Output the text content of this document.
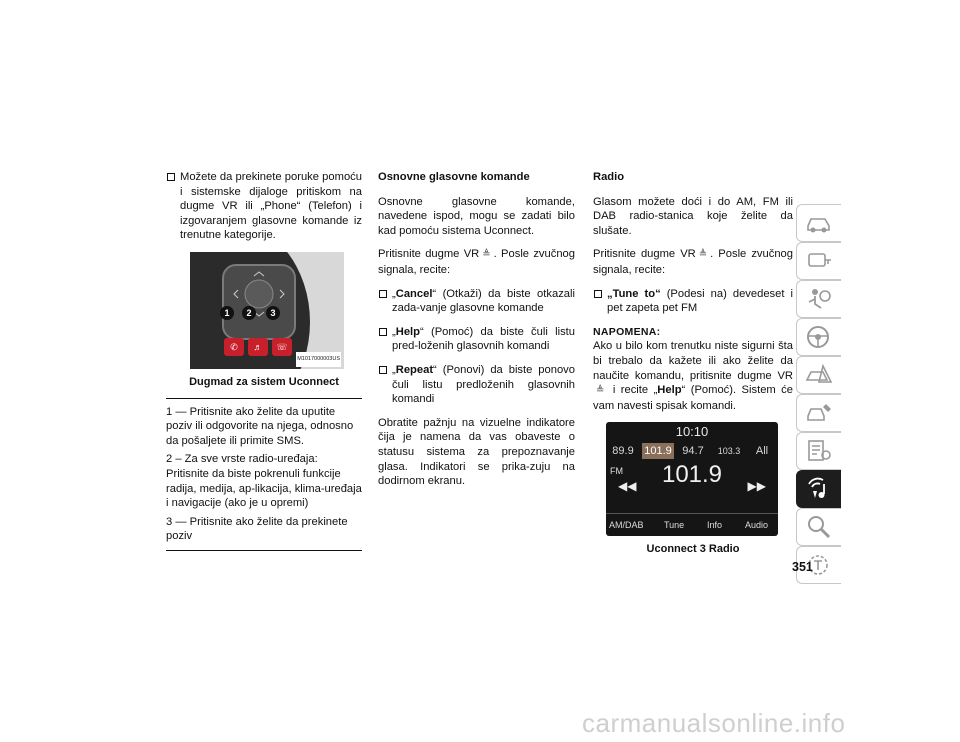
Možete da prekinete poruke pomoću i sistemske dijaloge pritiskom na dugme VR ili „Phone“ (Telefon) i izgovaranjem glasovne komande iz trenutne kategorije.
✆	♬	☏
1	2	3
M1017000003US
Dugmad za sistem Uconnect

1 — Pritisnite ako želite da uputite poziv ili odgovorite na njega, odnosno da pošaljete ili primite SMS.

2 – Za sve vrste radio-uređaja: Pritisnite da biste pokrenuli funkcije radija, medija, ap-likacija, klima-uređaja i navigacije (ako je u opremi)

3 — Pritisnite ako želite da prekinete poziv

Osnovne glasovne komande

Osnovne glasovne komande, navedene ispod, mogu se zadati bilo kad pomoću sistema Uconnect.

Pritisnite dugme VR ≜ . Posle zvučnog signala, recite:

„Cancel“ (Otkaži) da biste otkazali zada-vanje glasovne komande
„Help“ (Pomoć) da biste čuli listu pred-loženih glasovnih komandi
„Repeat“ (Ponovi) da biste ponovo čuli listu predloženih glasovnih komandi

Obratite pažnju na vizuelne indikatore čija je namena da vas obaveste o statusu sistema za prepoznavanje glasa. Indikatori se prika-zuju na dodirnom ekranu.

Radio

Glasom možete doći i do AM, FM ili DAB radio-stanica koje želite da slušate.

Pritisnite dugme VR ≜ . Posle zvučnog signala, recite:

„Tune to“ (Podesi na) devedeset i pet zapeta pet FM
NAPOMENA:

Ako u bilo kom trenutku niste sigurni šta bi trebalo da kažete ili ako želite da naučite komandu, pritisnite dugme VR≜ i recite „Help“ (Pomoć). Sistem će vam navesti spisak komandi.

10:10
89.9 101.9 94.7	103.3	All
FM	101.9
◀◀	▶▶
AM/DAB Tune	Info	Audio
Uconnect 3 Radio
351
carmanualsonline.info
